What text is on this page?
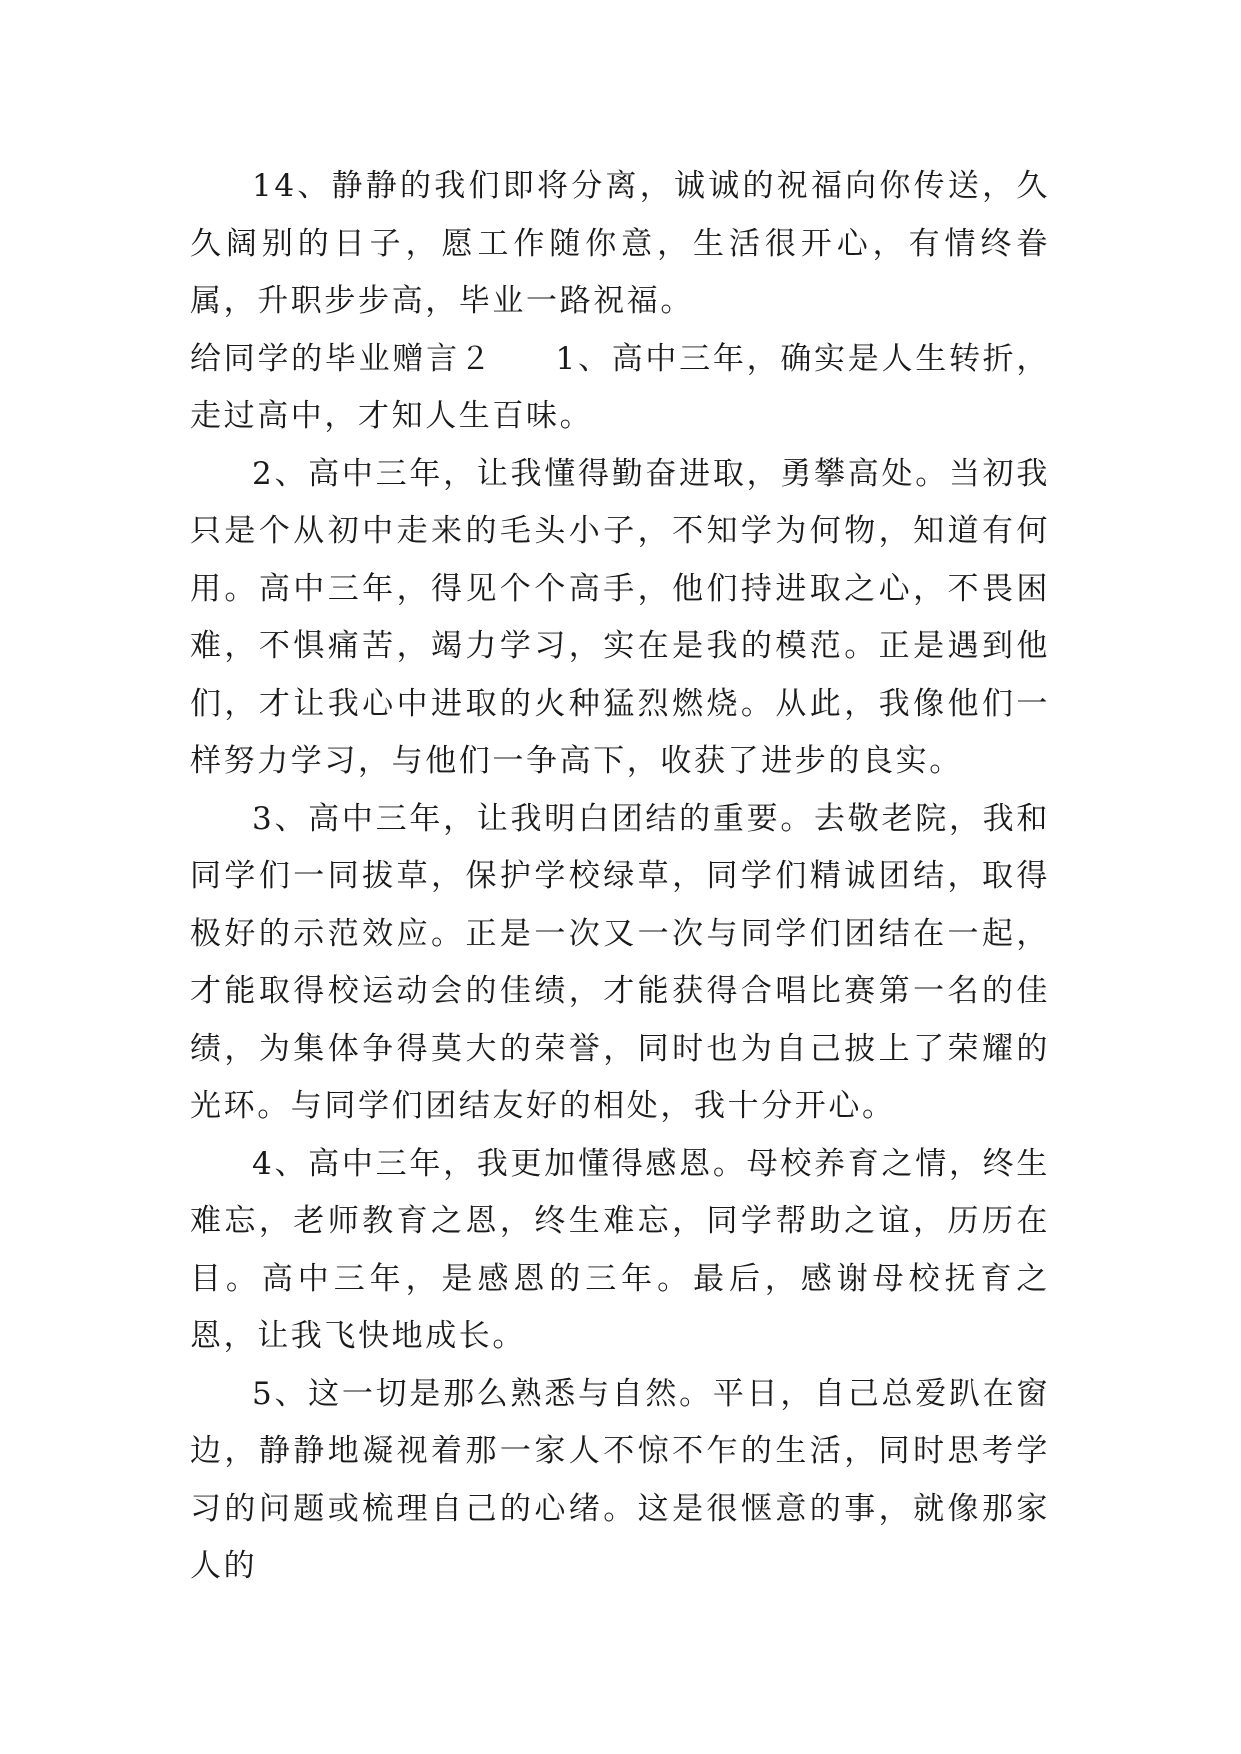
14、静静的我们即将分离，诚诚的祝福向你传送，久久阔别的日子，愿工作随你意，生活很开心，有情终眷属，升职步步高，毕业一路祝福。

给同学的毕业赠言２ 1、高中三年，确实是人生转折，走过高中，才知人生百味。

2、高中三年，让我懂得勤奋进取，勇攀高处。当初我只是个从初中走来的毛头小子，不知学为何物，知道有何用。高中三年，得见个个高手，他们持进取之心，不畏困难，不惧痛苦，竭力学习，实在是我的模范。正是遇到他们，才让我心中进取的火种猛烈燃烧。从此，我像他们一样努力学习，与他们一争高下，收获了进步的良实。

3、高中三年，让我明白团结的重要。去敬老院，我和同学们一同拔草，保护学校绿草，同学们精诚团结，取得极好的示范效应。正是一次又一次与同学们团结在一起，才能取得校运动会的佳绩，才能获得合唱比赛第一名的佳绩，为集体争得莫大的荣誉，同时也为自己披上了荣耀的光环。与同学们团结友好的相处，我十分开心。

4、高中三年，我更加懂得感恩。母校养育之情，终生难忘，老师教育之恩，终生难忘，同学帮助之谊，历历在目。高中三年，是感恩的三年。最后，感谢母校抚育之恩，让我飞快地成长。

5、这一切是那么熟悉与自然。平日，自己总爱趴在窗边，静静地凝视着那一家人不惊不乍的生活，同时思考学习的问题或梳理自己的心绪。这是很惬意的事，就像那家人的
